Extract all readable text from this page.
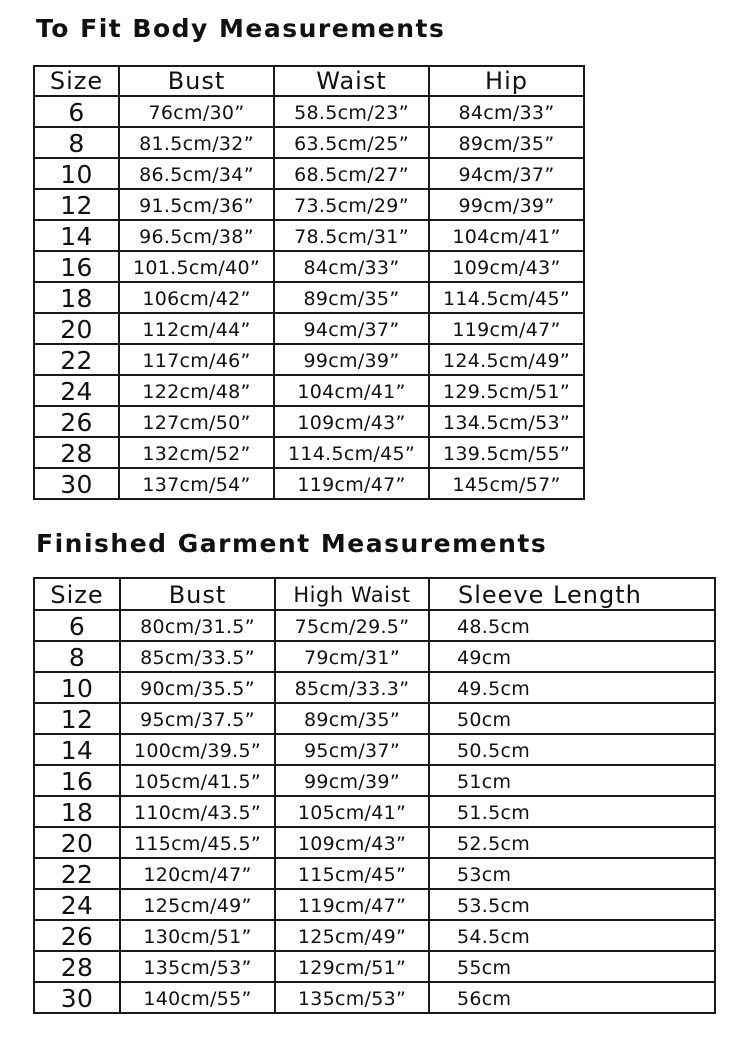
To Fit Body Measurements
Size	Bust	Waist	Hip
6	76cm/30”	58.5cm/23”	84cm/33”
8	81.5cm/32”	63.5cm/25”	89cm/35”
10	86.5cm/34”	68.5cm/27”	94cm/37”
12	91.5cm/36”	73.5cm/29”	99cm/39”
14	96.5cm/38”	78.5cm/31”	104cm/41”
16	101.5cm/40”	84cm/33”	109cm/43”
18	106cm/42”	89cm/35”	114.5cm/45”
20	112cm/44”	94cm/37”	119cm/47”
22	117cm/46”	99cm/39”	124.5cm/49”
24	122cm/48”	104cm/41”	129.5cm/51”
26	127cm/50”	109cm/43”	134.5cm/53”
28	132cm/52”	114.5cm/45”	139.5cm/55”
30	137cm/54”	119cm/47”	145cm/57”
Finished Garment Measurements
Size	Bust	High Waist	Sleeve Length
6	80cm/31.5”	75cm/29.5”	48.5cm
8	85cm/33.5”	79cm/31”	49cm
10	90cm/35.5”	85cm/33.3”	49.5cm
12	95cm/37.5”	89cm/35”	50cm
14	100cm/39.5”	95cm/37”	50.5cm
16	105cm/41.5”	99cm/39”	51cm
18	110cm/43.5”	105cm/41”	51.5cm
20	115cm/45.5”	109cm/43”	52.5cm
22	120cm/47”	115cm/45”	53cm
24	125cm/49”	119cm/47”	53.5cm
26	130cm/51”	125cm/49”	54.5cm
28	135cm/53”	129cm/51”	55cm
30	140cm/55”	135cm/53”	56cm
